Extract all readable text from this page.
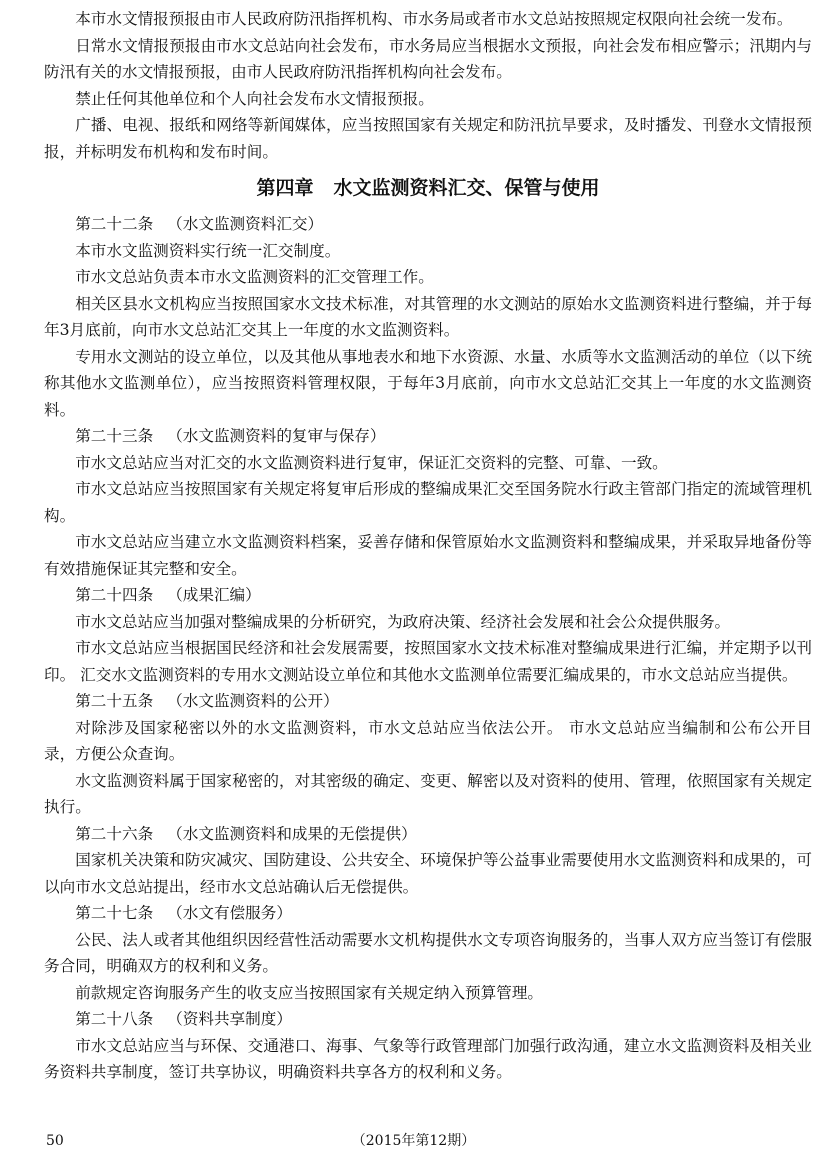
本市水文情报预报由市人民政府防汛指挥机构、市水务局或者市水文总站按照规定权限向社会统一发布。

日常水文情报预报由市水文总站向社会发布，市水务局应当根据水文预报，向社会发布相应警示；汛期内与防汛有关的水文情报预报，由市人民政府防汛指挥机构向社会发布。

禁止任何其他单位和个人向社会发布水文情报预报。

广播、电视、报纸和网络等新闻媒体，应当按照国家有关规定和防汛抗旱要求，及时播发、刊登水文情报预报，并标明发布机构和发布时间。

第四章 水文监测资料汇交、保管与使用

第二十二条 （水文监测资料汇交）

本市水文监测资料实行统一汇交制度。

市水文总站负责本市水文监测资料的汇交管理工作。

相关区县水文机构应当按照国家水文技术标准，对其管理的水文测站的原始水文监测资料进行整编，并于每年3月底前，向市水文总站汇交其上一年度的水文监测资料。

专用水文测站的设立单位，以及其他从事地表水和地下水资源、水量、水质等水文监测活动的单位（以下统称其他水文监测单位），应当按照资料管理权限，于每年3月底前，向市水文总站汇交其上一年度的水文监测资料。

第二十三条 （水文监测资料的复审与保存）

市水文总站应当对汇交的水文监测资料进行复审，保证汇交资料的完整、可靠、一致。

市水文总站应当按照国家有关规定将复审后形成的整编成果汇交至国务院水行政主管部门指定的流域管理机构。

市水文总站应当建立水文监测资料档案，妥善存储和保管原始水文监测资料和整编成果，并采取异地备份等有效措施保证其完整和安全。

第二十四条 （成果汇编）

市水文总站应当加强对整编成果的分析研究，为政府决策、经济社会发展和社会公众提供服务。

市水文总站应当根据国民经济和社会发展需要，按照国家水文技术标准对整编成果进行汇编，并定期予以刊印。 汇交水文监测资料的专用水文测站设立单位和其他水文监测单位需要汇编成果的，市水文总站应当提供。

第二十五条 （水文监测资料的公开）

对除涉及国家秘密以外的水文监测资料，市水文总站应当依法公开。 市水文总站应当编制和公布公开目录，方便公众查询。

水文监测资料属于国家秘密的，对其密级的确定、变更、解密以及对资料的使用、管理，依照国家有关规定执行。

第二十六条 （水文监测资料和成果的无偿提供）

国家机关决策和防灾减灾、国防建设、公共安全、环境保护等公益事业需要使用水文监测资料和成果的，可以向市水文总站提出，经市水文总站确认后无偿提供。

第二十七条 （水文有偿服务）

公民、法人或者其他组织因经营性活动需要水文机构提供水文专项咨询服务的，当事人双方应当签订有偿服务合同，明确双方的权利和义务。

前款规定咨询服务产生的收支应当按照国家有关规定纳入预算管理。

第二十八条 （资料共享制度）

市水文总站应当与环保、交通港口、海事、气象等行政管理部门加强行政沟通，建立水文监测资料及相关业务资料共享制度，签订共享协议，明确资料共享各方的权利和义务。

（2015年第12期）
50
